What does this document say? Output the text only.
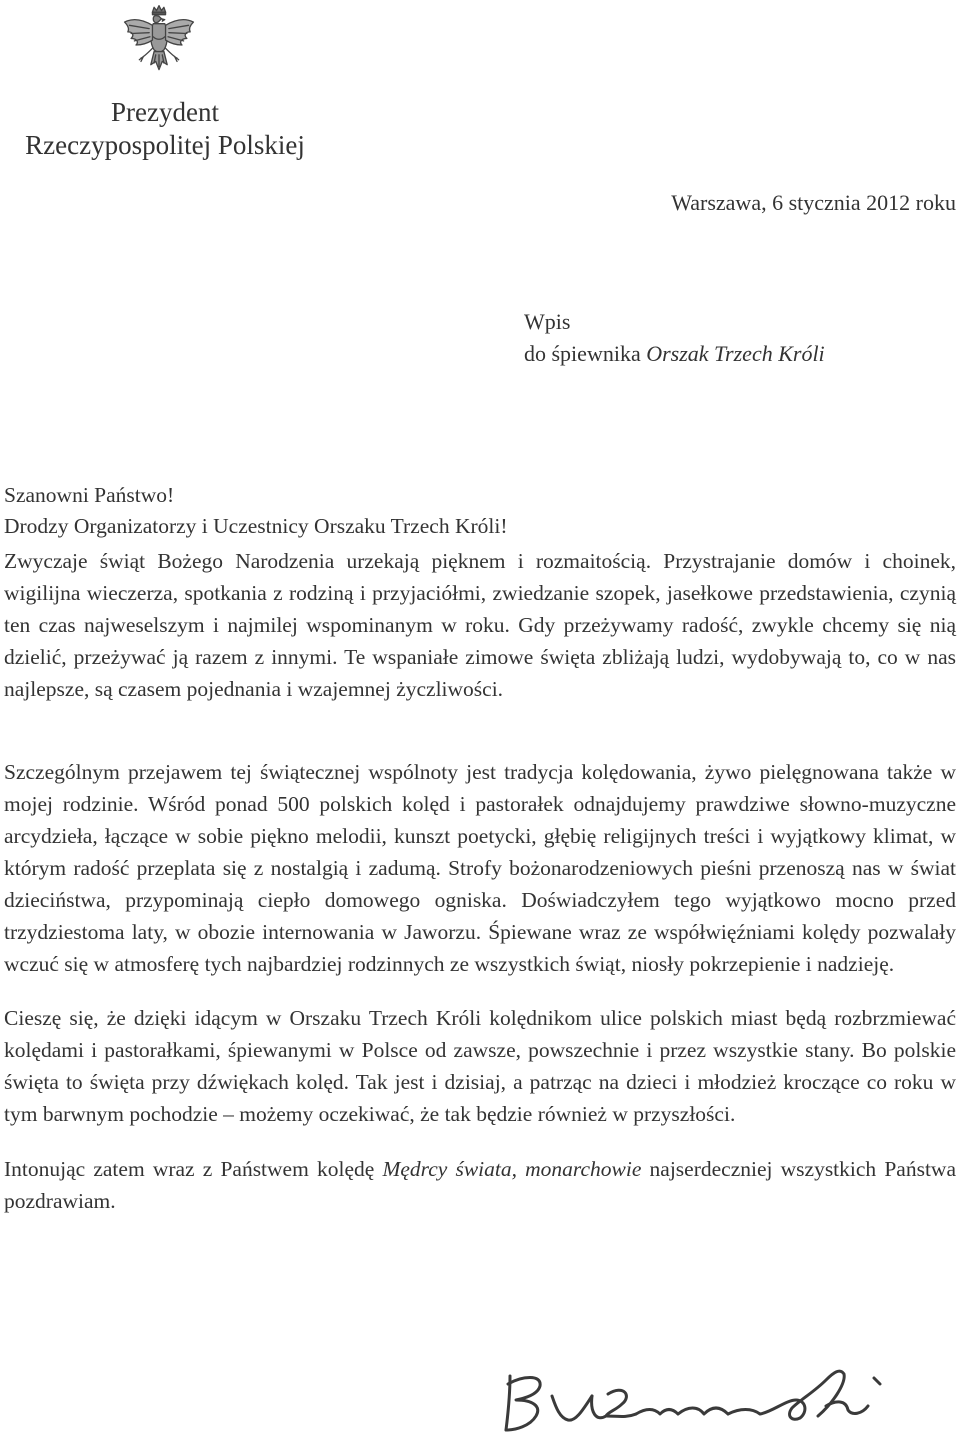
Prezydent
Rzeczypospolitej Polskiej
Warszawa, 6 stycznia 2012 roku
Wpis
do śpiewnika Orszak Trzech Króli
Szanowni Państwo!
Drodzy Organizatorzy i Uczestnicy Orszaku Trzech Króli!

Zwyczaje świąt Bożego Narodzenia urzekają pięknem i rozmaitością. Przystrajanie domów i choinek, wigilijna wieczerza, spotkania z rodziną i przyjaciółmi, zwiedzanie szopek, jasełkowe przedstawienia, czynią ten czas najweselszym i najmilej wspominanym w roku. Gdy przeżywamy radość, zwykle chcemy się nią dzielić, przeżywać ją razem z innymi. Te wspaniałe zimowe święta zbliżają ludzi, wydobywają to, co w nas najlepsze, są czasem pojednania i wzajemnej życzliwości.

Szczególnym przejawem tej świątecznej wspólnoty jest tradycja kolędowania, żywo pielęgnowana także w mojej rodzinie. Wśród ponad 500 polskich kolęd i pastorałek odnajdujemy prawdziwe słowno-muzyczne arcydzieła, łączące w sobie piękno melodii, kunszt poetycki, głębię religijnych treści i wyjątkowy klimat, w którym radość przeplata się z nostalgią i zadumą. Strofy bożonarodzeniowych pieśni przenoszą nas w świat dzieciństwa, przypominają ciepło domowego ogniska. Doświadczyłem tego wyjątkowo mocno przed trzydziestoma laty, w obozie internowania w Jaworzu. Śpiewane wraz ze współwięźniami kolędy pozwalały wczuć się w atmosferę tych najbardziej rodzinnych ze wszystkich świąt, niosły pokrzepienie i nadzieję.

Cieszę się, że dzięki idącym w Orszaku Trzech Króli kolędnikom ulice polskich miast będą rozbrzmiewać kolędami i pastorałkami, śpiewanymi w Polsce od zawsze, powszechnie i przez wszystkie stany. Bo polskie święta to święta przy dźwiękach kolęd. Tak jest i dzisiaj, a patrząc na dzieci i młodzież kroczące co roku w tym barwnym pochodzie – możemy oczekiwać, że tak będzie również w przyszłości.

Intonując zatem wraz z Państwem kolędę Mędrcy świata, monarchowie najserdeczniej wszystkich Państwa pozdrawiam.
